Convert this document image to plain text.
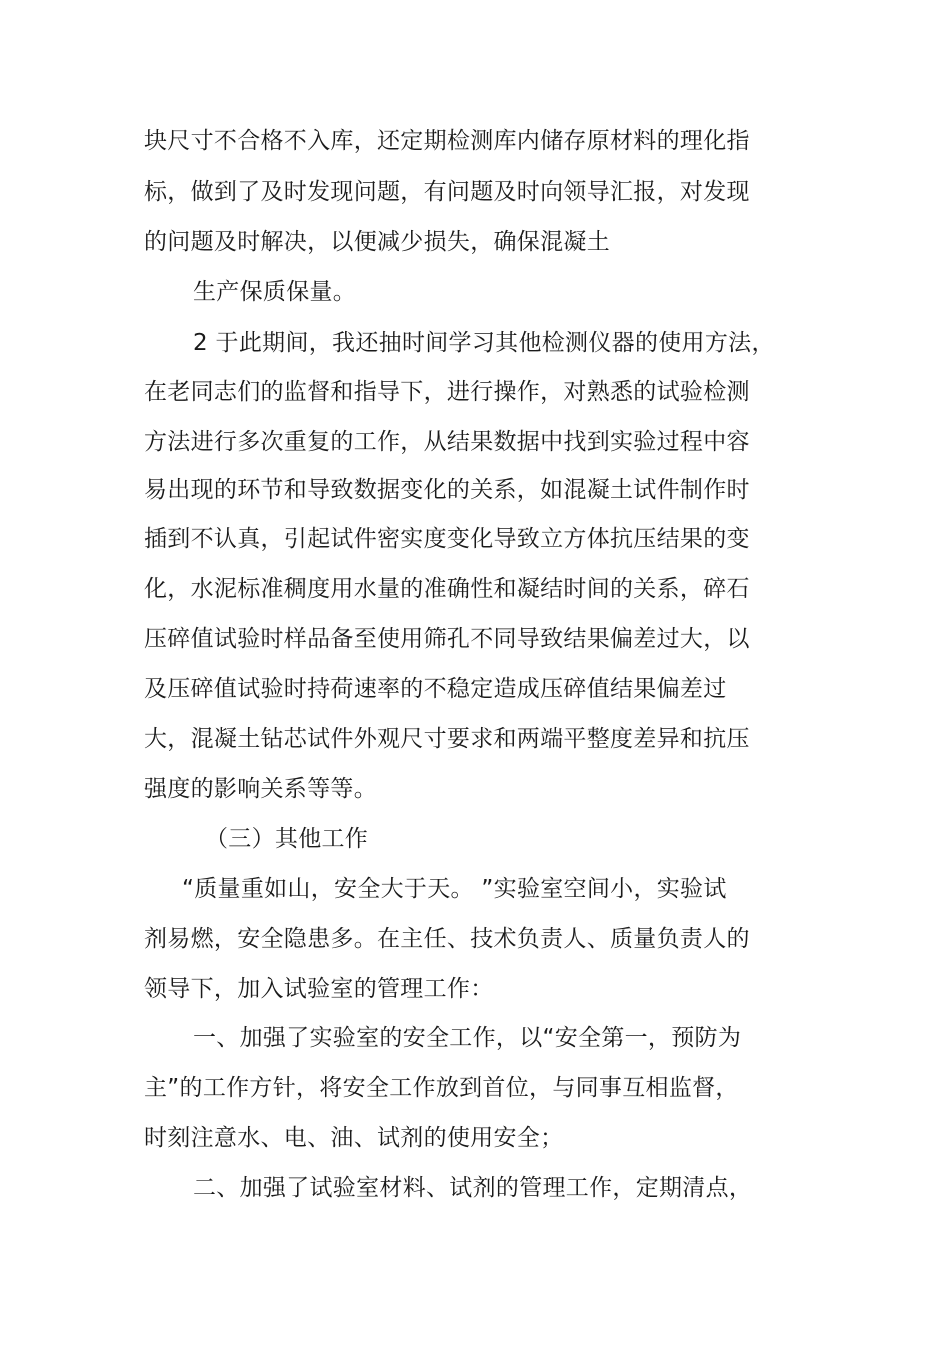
块尺寸不合格不入库，还定期检测库内储存原材料的理化指
标，做到了及时发现问题，有问题及时向领导汇报，对发现
的问题及时解决，以便减少损失，确保混凝土
生产保质保量。
2 于此期间，我还抽时间学习其他检测仪器的使用方法，
在老同志们的监督和指导下，进行操作，对熟悉的试验检测
方法进行多次重复的工作，从结果数据中找到实验过程中容
易出现的环节和导致数据变化的关系，如混凝土试件制作时
插到不认真，引起试件密实度变化导致立方体抗压结果的变
化，水泥标准稠度用水量的准确性和凝结时间的关系，碎石
压碎值试验时样品备至使用筛孔不同导致结果偏差过大，以
及压碎值试验时持荷速率的不稳定造成压碎值结果偏差过
大，混凝土钻芯试件外观尺寸要求和两端平整度差异和抗压
强度的影响关系等等。
（三）其他工作
“质量重如山，安全大于天。 ”实验室空间小，实验试
剂易燃，安全隐患多。在主任、技术负责人、质量负责人的
领导下，加入试验室的管理工作：
一、加强了实验室的安全工作，以“安全第一，预防为
主”的工作方针，将安全工作放到首位，与同事互相监督，
时刻注意水、电、油、试剂的使用安全；
二、加强了试验室材料、试剂的管理工作，定期清点，
